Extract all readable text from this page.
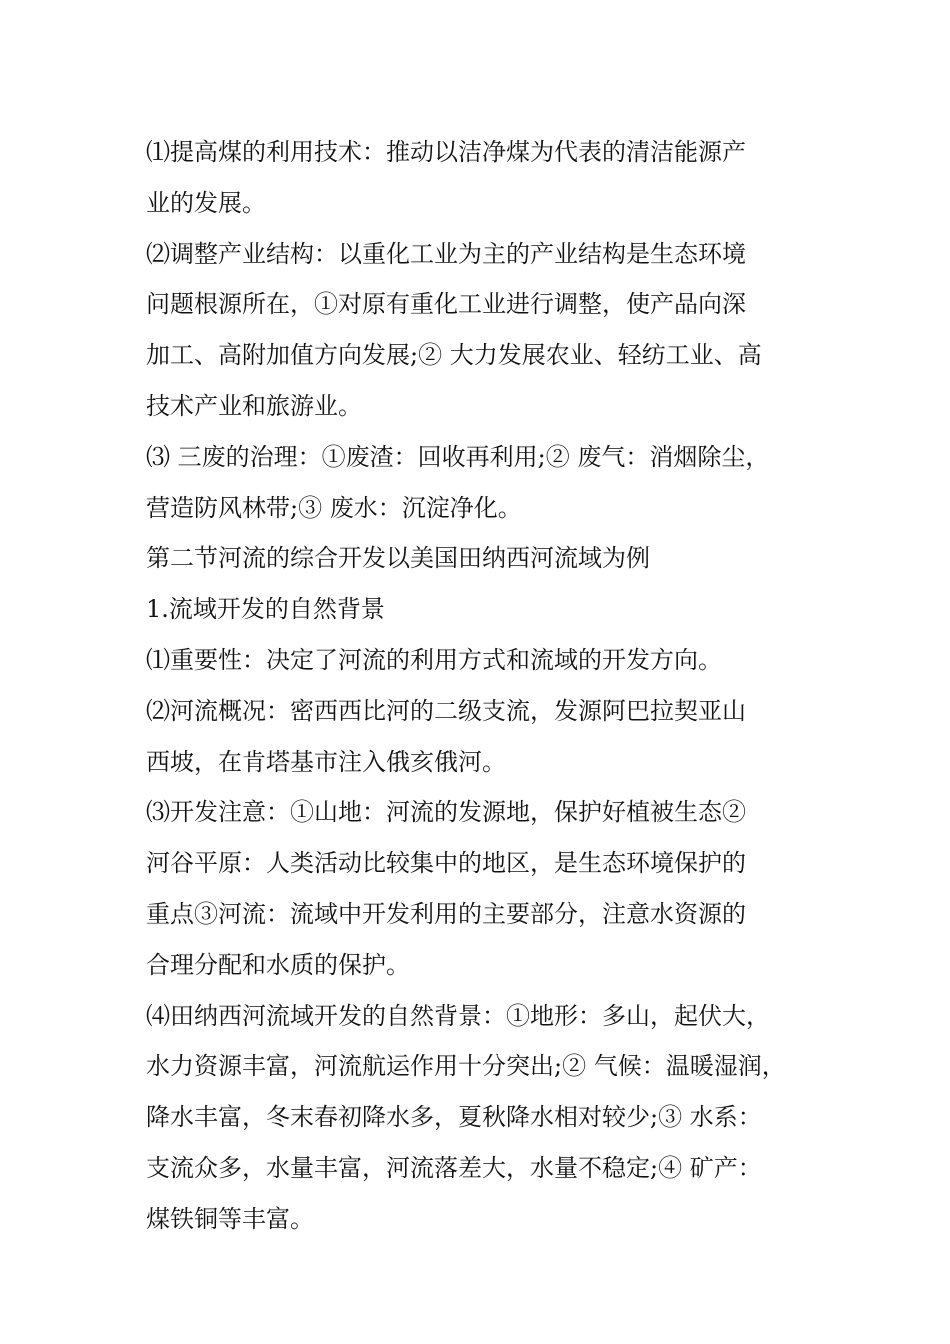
⑴提高煤的利用技术：推动以洁净煤为代表的清洁能源产
业的发展。
⑵调整产业结构：以重化工业为主的产业结构是生态环境
问题根源所在，①对原有重化工业进行调整，使产品向深
加工、高附加值方向发展;② 大力发展农业、轻纺工业、高
技术产业和旅游业。
⑶ 三废的治理：①废渣：回收再利用;② 废气：消烟除尘，
营造防风林带;③ 废水：沉淀净化。
第二节河流的综合开发以美国田纳西河流域为例
1.流域开发的自然背景
⑴重要性：决定了河流的利用方式和流域的开发方向。
⑵河流概况：密西西比河的二级支流，发源阿巴拉契亚山
西坡，在肯塔基市注入俄亥俄河。
⑶开发注意：①山地：河流的发源地，保护好植被生态②
河谷平原：人类活动比较集中的地区，是生态环境保护的
重点③河流：流域中开发利用的主要部分，注意水资源的
合理分配和水质的保护。
⑷田纳西河流域开发的自然背景：①地形：多山，起伏大，
水力资源丰富，河流航运作用十分突出;② 气候：温暖湿润，
降水丰富，冬末春初降水多，夏秋降水相对较少;③ 水系：
支流众多，水量丰富，河流落差大，水量不稳定;④ 矿产：
煤铁铜等丰富。
